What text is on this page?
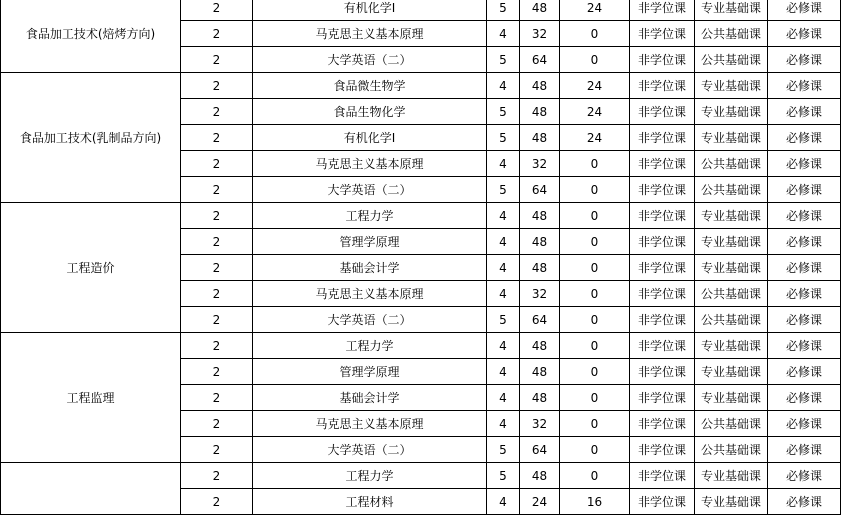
食品加工技术(焙烤方向)	2	有机化学I	5	48	24	非学位课	专业基础课	必修课
	2	马克思主义基本原理	4	32	0	非学位课	公共基础课	必修课
	2	大学英语（二）	5	64	0	非学位课	公共基础课	必修课
食品加工技术(乳制品方向)	2	食品微生物学	4	48	24	非学位课	专业基础课	必修课
	2	食品生物化学	5	48	24	非学位课	专业基础课	必修课
	2	有机化学I	5	48	24	非学位课	专业基础课	必修课
	2	马克思主义基本原理	4	32	0	非学位课	公共基础课	必修课
	2	大学英语（二）	5	64	0	非学位课	公共基础课	必修课
工程造价	2	工程力学	4	48	0	非学位课	专业基础课	必修课
	2	管理学原理	4	48	0	非学位课	专业基础课	必修课
	2	基础会计学	4	48	0	非学位课	专业基础课	必修课
	2	马克思主义基本原理	4	32	0	非学位课	公共基础课	必修课
	2	大学英语（二）	5	64	0	非学位课	公共基础课	必修课
工程监理	2	工程力学	4	48	0	非学位课	专业基础课	必修课
	2	管理学原理	4	48	0	非学位课	专业基础课	必修课
	2	基础会计学	4	48	0	非学位课	专业基础课	必修课
	2	马克思主义基本原理	4	32	0	非学位课	公共基础课	必修课
	2	大学英语（二）	5	64	0	非学位课	公共基础课	必修课
	2	工程力学	5	48	0	非学位课	专业基础课	必修课
	2	工程材料	4	24	16	非学位课	专业基础课	必修课
